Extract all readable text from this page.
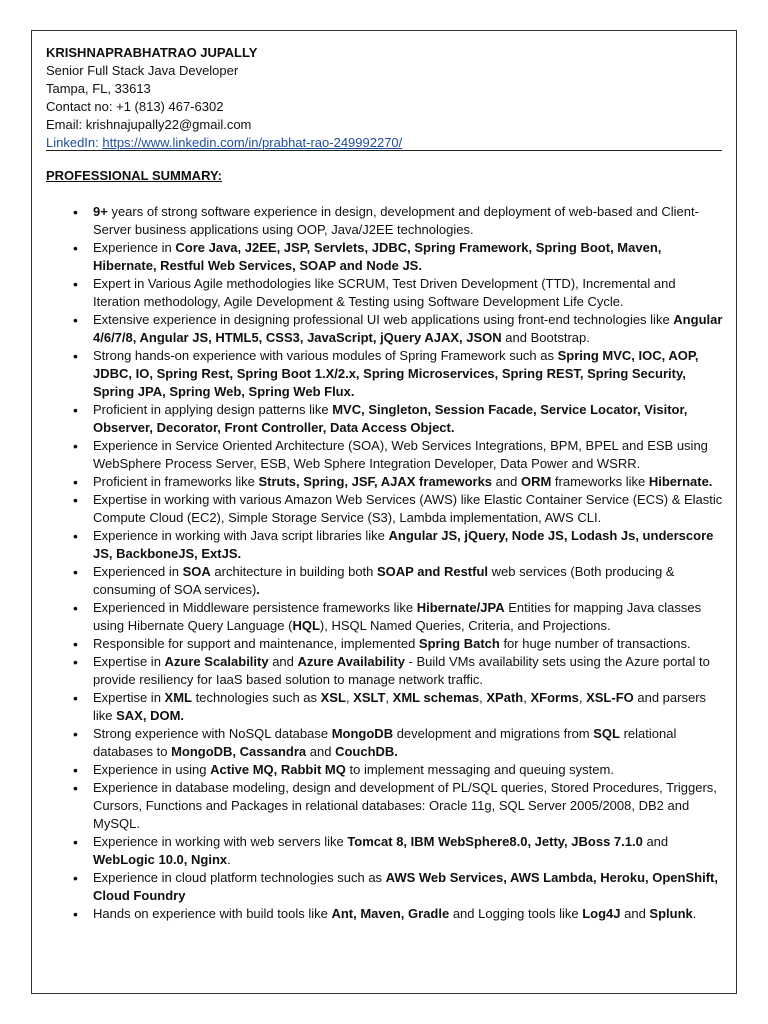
KRISHNAPRABHATRAO JUPALLY
Senior Full Stack Java Developer
Tampa, FL, 33613
Contact no: +1 (813) 467-6302
Email: krishnajupally22@gmail.com
LinkedIn: https://www.linkedin.com/in/prabhat-rao-249992270/
PROFESSIONAL SUMMARY:
• 9+ years of strong software experience in design, development and deployment of web-based and Client-Server business applications using OOP, Java/J2EE technologies.
• Experience in Core Java, J2EE, JSP, Servlets, JDBC, Spring Framework, Spring Boot, Maven, Hibernate, Restful Web Services, SOAP and Node JS.
• Expert in Various Agile methodologies like SCRUM, Test Driven Development (TTD), Incremental and Iteration methodology, Agile Development & Testing using Software Development Life Cycle.
• Extensive experience in designing professional UI web applications using front-end technologies like Angular 4/6/7/8, Angular JS, HTML5, CSS3, JavaScript, jQuery AJAX, JSON and Bootstrap.
• Strong hands-on experience with various modules of Spring Framework such as Spring MVC, IOC, AOP, JDBC, IO, Spring Rest, Spring Boot 1.X/2.x, Spring Microservices, Spring REST, Spring Security, Spring JPA, Spring Web, Spring Web Flux.
• Proficient in applying design patterns like MVC, Singleton, Session Facade, Service Locator, Visitor, Observer, Decorator, Front Controller, Data Access Object.
• Experience in Service Oriented Architecture (SOA), Web Services Integrations, BPM, BPEL and ESB using WebSphere Process Server, ESB, Web Sphere Integration Developer, Data Power and WSRR.
• Proficient in frameworks like Struts, Spring, JSF, AJAX frameworks and ORM frameworks like Hibernate.
• Expertise in working with various Amazon Web Services (AWS) like Elastic Container Service (ECS) & Elastic Compute Cloud (EC2), Simple Storage Service (S3), Lambda implementation, AWS CLI.
• Experience in working with Java script libraries like Angular JS, jQuery, Node JS, Lodash Js, underscore JS, BackboneJS, ExtJS.
• Experienced in SOA architecture in building both SOAP and Restful web services (Both producing & consuming of SOA services).
• Experienced in Middleware persistence frameworks like Hibernate/JPA Entities for mapping Java classes using Hibernate Query Language (HQL), HSQL Named Queries, Criteria, and Projections.
• Responsible for support and maintenance, implemented Spring Batch for huge number of transactions.
• Expertise in Azure Scalability and Azure Availability - Build VMs availability sets using the Azure portal to provide resiliency for IaaS based solution to manage network traffic.
• Expertise in XML technologies such as XSL, XSLT, XML schemas, XPath, XForms, XSL-FO and parsers like SAX, DOM.
• Strong experience with NoSQL database MongoDB development and migrations from SQL relational databases to MongoDB, Cassandra and CouchDB.
• Experience in using Active MQ, Rabbit MQ to implement messaging and queuing system.
• Experience in database modeling, design and development of PL/SQL queries, Stored Procedures, Triggers, Cursors, Functions and Packages in relational databases: Oracle 11g, SQL Server 2005/2008, DB2 and MySQL.
• Experience in working with web servers like Tomcat 8, IBM WebSphere8.0, Jetty, JBoss 7.1.0 and WebLogic 10.0, Nginx.
• Experience in cloud platform technologies such as AWS Web Services, AWS Lambda, Heroku, OpenShift, Cloud Foundry
• Hands on experience with build tools like Ant, Maven, Gradle and Logging tools like Log4J and Splunk.
